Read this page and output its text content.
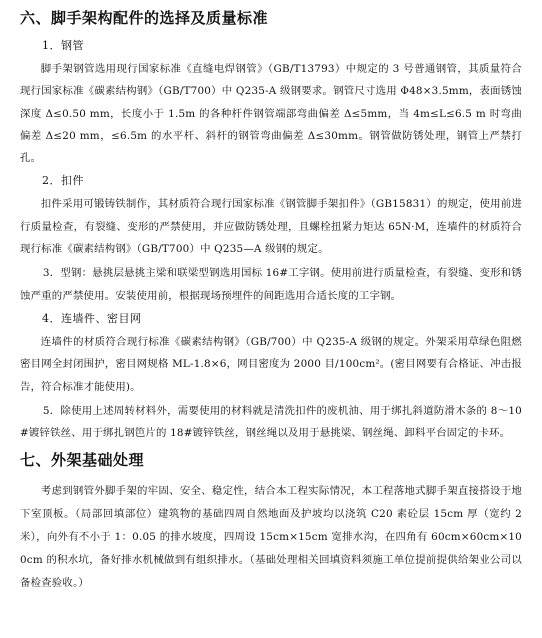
六、脚手架构配件的选择及质量标准
1．钢管
脚手架钢管选用现行国家标准《直缝电焊钢管》（GB/T13793）中规定的 3 号普通钢管，其质量符合现行国家标准《碳素结构钢》（GB/T700）中 Q235-A 级钢要求。钢管尺寸选用 Φ48×3.5mm，表面锈蚀深度 Δ≤0.50 mm，长度小于 1.5m 的各种杆件钢管端部弯曲偏差 Δ≤5mm，当 4m≤L≤6.5 m 时弯曲偏差 Δ≤20 mm，≤6.5m 的水平杆、斜杆的钢管弯曲偏差 Δ≤30mm。钢管做防锈处理，钢管上严禁打孔。
2．扣件
扣件采用可锻铸铁制作，其材质符合现行国家标准《钢管脚手架扣件》（GB15831）的规定，使用前进行质量检查，有裂缝、变形的严禁使用，并应做防锈处理，且螺栓扭紧力矩达 65N·M，连墙件的材质符合现行标准《碳素结构钢》（GB/T700）中 Q235—A 级钢的规定。
3．型钢：悬挑层悬挑主梁和联梁型钢选用国标 16#工字钢。使用前进行质量检查，有裂缝、变形和锈蚀严重的严禁使用。安装使用前，根据现场预埋件的间距选用合适长度的工字钢。
4．连墙件、密目网
连墙件的材质符合现行标准《碳素结构钢》（GB/700）中 Q235-A 级钢的规定。外架采用草绿色阻燃密目网全封闭围护，密目网规格 ML-1.8×6，网目密度为 2000 目/100cm²。(密目网要有合格证、冲击报告，符合标准才能使用)。
5．除使用上述周转材料外，需要使用的材料就是清洗扣件的废机油、用于绑扎斜道防滑木条的 8～10#镀锌铁丝、用于绑扎钢笆片的 18#镀锌铁丝，钢丝绳以及用于悬挑梁、钢丝绳、卸料平台固定的卡环。
七、外架基础处理
考虑到钢管外脚手架的牢固、安全、稳定性，结合本工程实际情况，本工程落地式脚手架直接搭设于地下室顶板。（局部回填部位）建筑物的基础四周自然地面及护坡均以浇筑 C20 素砼层 15cm 厚（宽约 2 米），向外有不小于 1：0.05 的排水坡度，四周设 15cm×15cm 宽排水沟，在四角有 60cm×60cm×100cm 的积水坑，备好排水机械做到有组织排水。（基础处理相关回填资料须施工单位提前提供给架业公司以备检查验收。）
